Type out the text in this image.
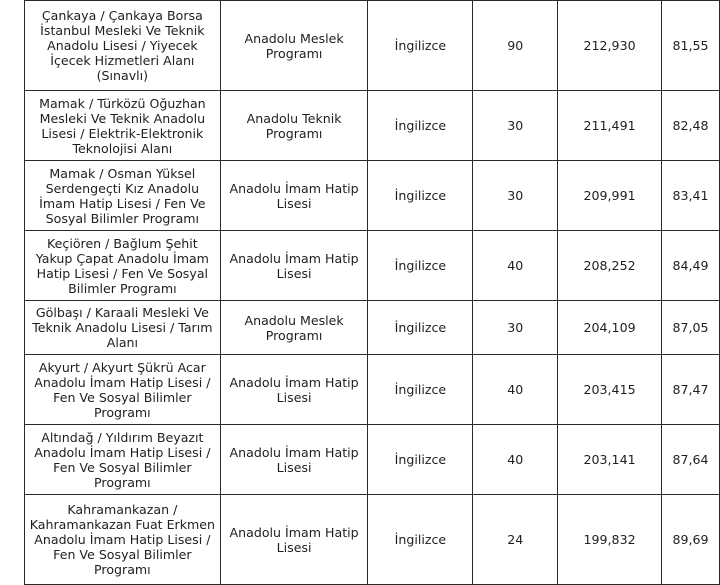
Çankaya / Çankaya Borsa İstanbul Mesleki Ve Teknik Anadolu Lisesi / Yiyecek İçecek Hizmetleri Alanı (Sınavlı)	Anadolu Meslek Programı	İngilizce	90	212,930	81,55
Mamak / Türközü Oğuzhan Mesleki Ve Teknik Anadolu Lisesi / Elektrik-Elektronik Teknolojisi Alanı	Anadolu Teknik Programı	İngilizce	30	211,491	82,48
Mamak / Osman Yüksel Serdengeçti Kız Anadolu İmam Hatip Lisesi / Fen Ve Sosyal Bilimler Programı	Anadolu İmam Hatip Lisesi	İngilizce	30	209,991	83,41
Keçiören / Bağlum Şehit Yakup Çapat Anadolu İmam Hatip Lisesi / Fen Ve Sosyal Bilimler Programı	Anadolu İmam Hatip Lisesi	İngilizce	40	208,252	84,49
Gölbaşı / Karaali Mesleki Ve Teknik Anadolu Lisesi / Tarım Alanı	Anadolu Meslek Programı	İngilizce	30	204,109	87,05
Akyurt / Akyurt Şükrü Acar Anadolu İmam Hatip Lisesi / Fen Ve Sosyal Bilimler Programı	Anadolu İmam Hatip Lisesi	İngilizce	40	203,415	87,47
Altındağ / Yıldırım Beyazıt Anadolu İmam Hatip Lisesi / Fen Ve Sosyal Bilimler Programı	Anadolu İmam Hatip Lisesi	İngilizce	40	203,141	87,64
Kahramankazan / Kahramankazan Fuat Erkmen Anadolu İmam Hatip Lisesi / Fen Ve Sosyal Bilimler Programı	Anadolu İmam Hatip Lisesi	İngilizce	24	199,832	89,69
